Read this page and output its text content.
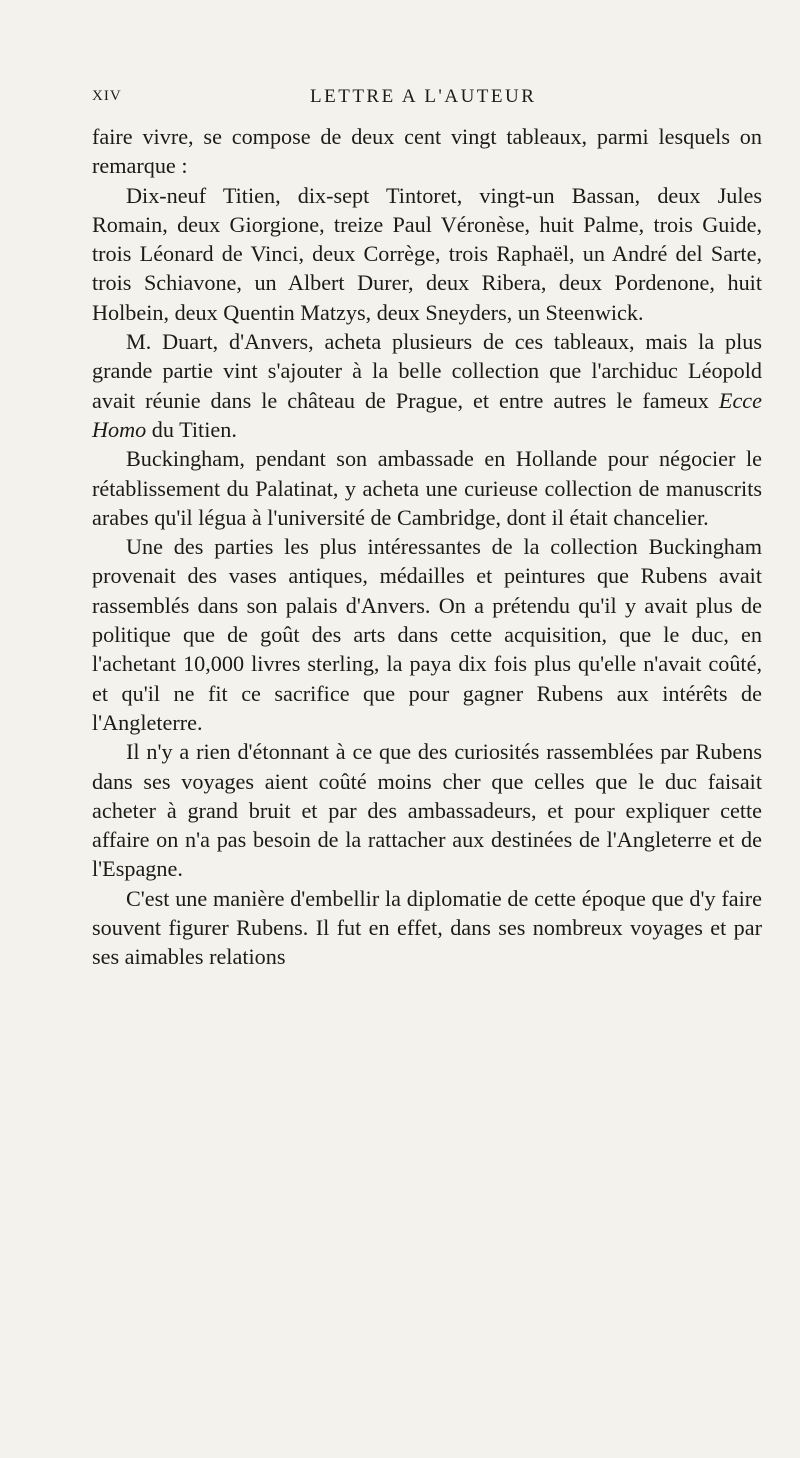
XIV	LETTRE A L'AUTEUR

faire vivre, se compose de deux cent vingt tableaux, parmi lesquels on remarque :

Dix-neuf Titien, dix-sept Tintoret, vingt-un Bassan, deux Jules Romain, deux Giorgione, treize Paul Véronèse, huit Palme, trois Guide, trois Léonard de Vinci, deux Corrège, trois Raphaël, un André del Sarte, trois Schiavone, un Albert Durer, deux Ribera, deux Pordenone, huit Holbein, deux Quentin Matzys, deux Sneyders, un Steenwick.

M. Duart, d'Anvers, acheta plusieurs de ces tableaux, mais la plus grande partie vint s'ajouter à la belle collection que l'archiduc Léopold avait réunie dans le château de Prague, et entre autres le fameux Ecce Homo du Titien.

Buckingham, pendant son ambassade en Hollande pour négocier le rétablissement du Palatinat, y acheta une curieuse collection de manuscrits arabes qu'il légua à l'université de Cambridge, dont il était chancelier.

Une des parties les plus intéressantes de la collection Buckingham provenait des vases antiques, médailles et peintures que Rubens avait rassemblés dans son palais d'Anvers. On a prétendu qu'il y avait plus de politique que de goût des arts dans cette acquisition, que le duc, en l'achetant 10,000 livres sterling, la paya dix fois plus qu'elle n'avait coûté, et qu'il ne fit ce sacrifice que pour gagner Rubens aux intérêts de l'Angleterre.

Il n'y a rien d'étonnant à ce que des curiosités rassemblées par Rubens dans ses voyages aient coûté moins cher que celles que le duc faisait acheter à grand bruit et par des ambassadeurs, et pour expliquer cette affaire on n'a pas besoin de la rattacher aux destinées de l'Angleterre et de l'Espagne.

C'est une manière d'embellir la diplomatie de cette époque que d'y faire souvent figurer Rubens. Il fut en effet, dans ses nombreux voyages et par ses aimables relations
